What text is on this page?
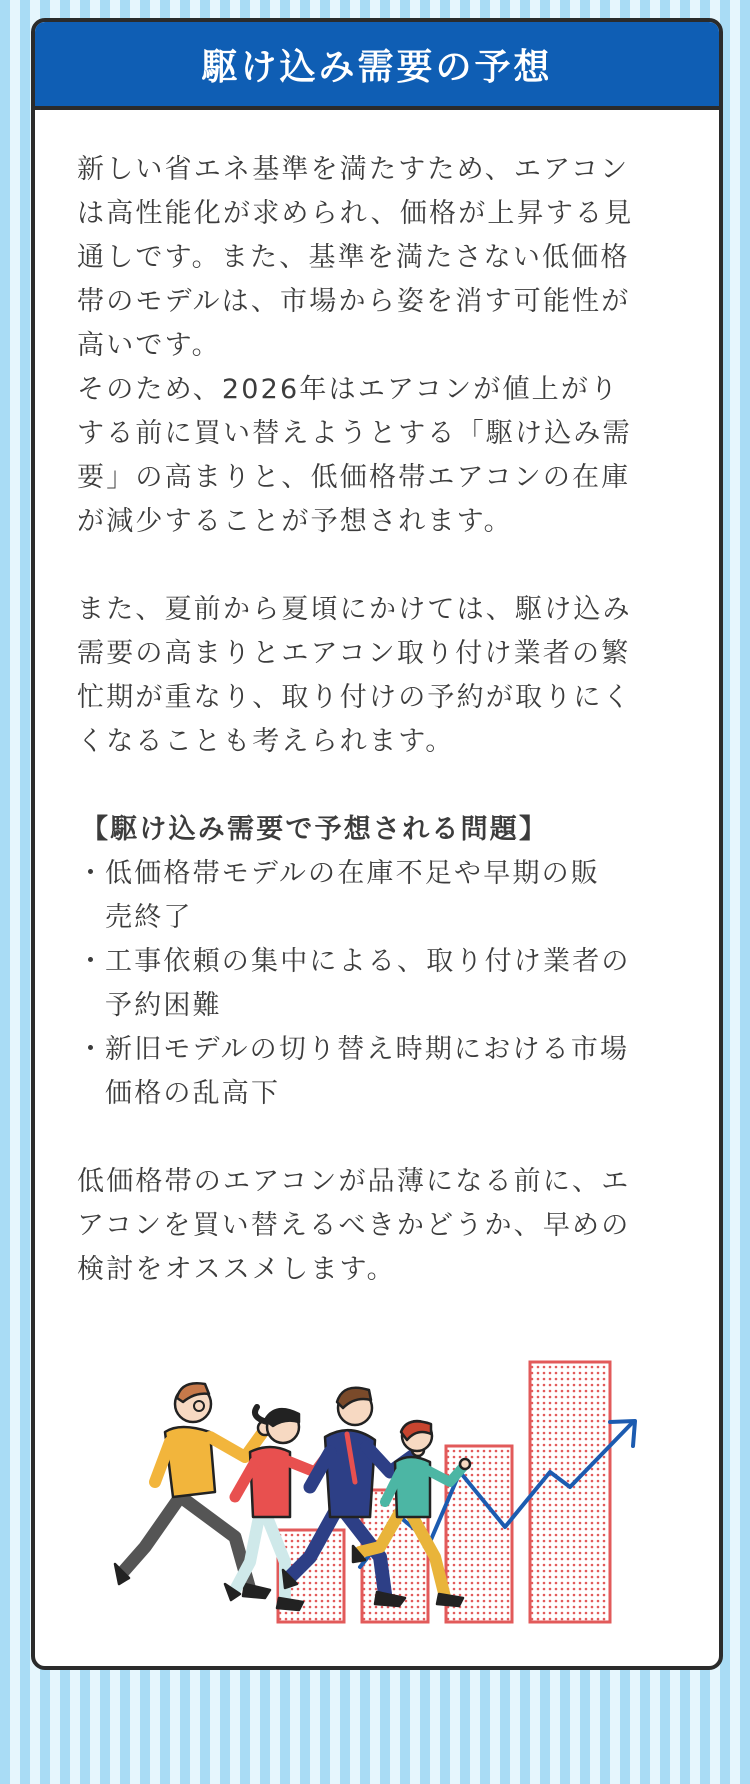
駆け込み需要の予想

新しい省エネ基準を満たすため、エアコン
は高性能化が求められ、価格が上昇する見
通しです。また、基準を満たさない低価格
帯のモデルは、市場から姿を消す可能性が
高いです。
そのため、2026年はエアコンが値上がり
する前に買い替えようとする「駆け込み需
要」の高まりと、低価格帯エアコンの在庫
が減少することが予想されます。

また、夏前から夏頃にかけては、駆け込み
需要の高まりとエアコン取り付け業者の繁
忙期が重なり、取り付けの予約が取りにく
くなることも考えられます。

【駆け込み需要で予想される問題】

・
低価格帯モデルの在庫不足や早期の販
売終了
・
工事依頼の集中による、取り付け業者の
予約困難
・
新旧モデルの切り替え時期における市場
価格の乱高下

低価格帯のエアコンが品薄になる前に、エ
アコンを買い替えるべきかどうか、早めの
検討をオススメします。
